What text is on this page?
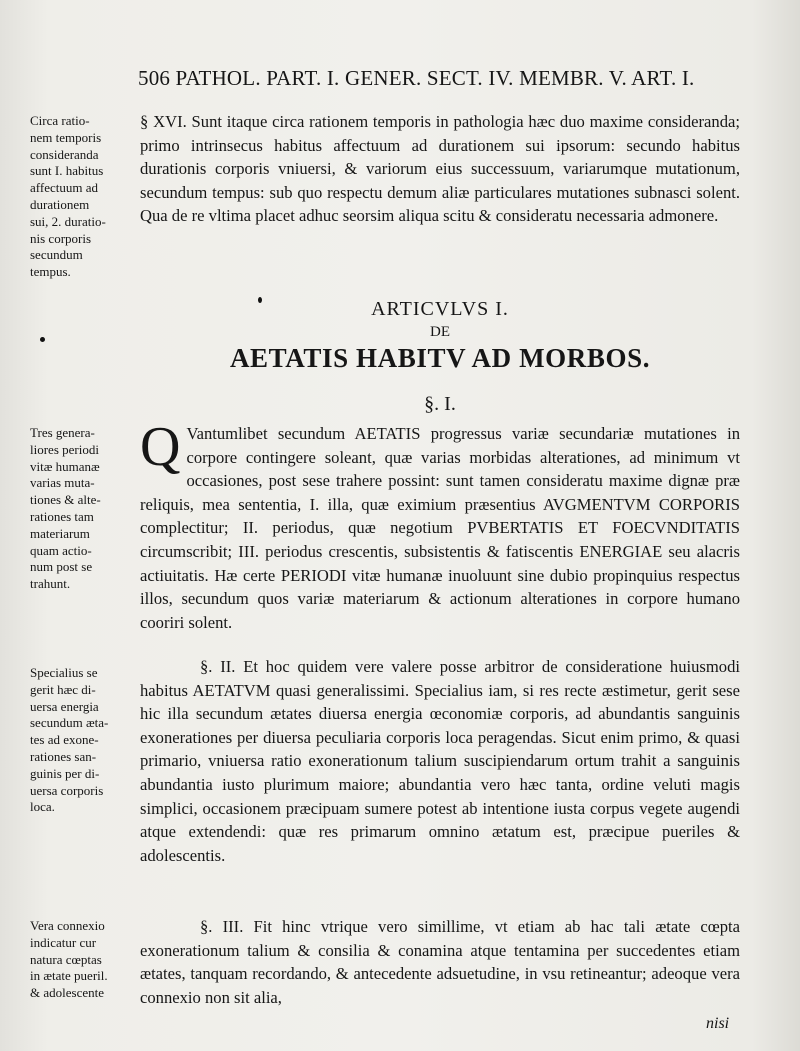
506 PATHOL. PART. I. GENER. SECT. IV. MEMBR. V. ART. I.

§ XVI. Sunt itaque circa rationem temporis in pathologia hæc duo maxime consideranda; primo intrinsecus habitus affectuum ad durationem sui ipsorum: secundo habitus durationis corporis vniuersi, & variorum eius successuum, variarumque mutationum, secundum tempus: sub quo respectu demum aliæ particulares mutationes subnasci solent. Qua de re vltima placet adhuc seorsim aliqua scitu & consideratu necessaria admonere.

Circa ratio-
nem temporis
consideranda
sunt I. habitus
affectuum ad
durationem
sui, 2. duratio-
nis corporis
secundum
tempus.
ARTICVLVS I.
DE
AETATIS HABITV AD MORBOS.
§. I.
Q Vantumlibet secundum AETATIS progressus variæ secundariæ mutationes in corpore contingere soleant, quæ varias morbidas alterationes, ad minimum vt occasiones, post sese trahere possint: sunt tamen consideratu maxime dignæ præ reliquis, mea sententia, I. illa, quæ eximium præsentius AVGMENTVM CORPORIS complectitur; II. periodus, quæ negotium PVBERTATIS ET FOECVNDITATIS circumscribit; III. periodus crescentis, subsistentis & fatiscentis ENERGIAE seu alacris actiuitatis. Hæ certe PERIODI vitæ humanæ inuoluunt sine dubio propinquius respectus illos, secundum quos variæ materiarum & actionum alterationes in corpore humano cooriri solent.

Tres genera-
liores periodi
vitæ humanæ
varias muta-
tiones & alte-
rationes tam
materiarum
quam actio-
num post se
trahunt.

§. II. Et hoc quidem vere valere posse arbitror de consideratione huiusmodi habitus AETATVM quasi generalissimi. Specialius iam, si res recte æstimetur, gerit sese hic illa secundum ætates diuersa energia œconomiæ corporis, ad abundantis sanguinis exonerationes per diuersa peculiaria corporis loca peragendas. Sicut enim primo, & quasi primario, vniuersa ratio exonerationum talium suscipiendarum ortum trahit a sanguinis abundantia iusto plurimum maiore; abundantia vero hæc tanta, ordine veluti magis simplici, occasionem præcipuam sumere potest ab intentione iusta corpus vegete augendi atque extendendi: quæ res primarum omnino ætatum est, præcipue pueriles & adolescentis.

Specialius se
gerit hæc di-
uersa energia
secundum æta-
tes ad exone-
rationes san-
guinis per di-
uersa corporis
loca.

§. III. Fit hinc vtrique vero simillime, vt etiam ab hac tali ætate cœpta exonerationum talium & consilia & conamina atque tentamina per succedentes etiam ætates, tanquam recordando, & antecedente adsuetudine, in vsu retineantur; adeoque vera connexio non sit alia,

Vera connexio
indicatur cur
natura cœptas
in ætate pueril.
& adolescente
nisi
